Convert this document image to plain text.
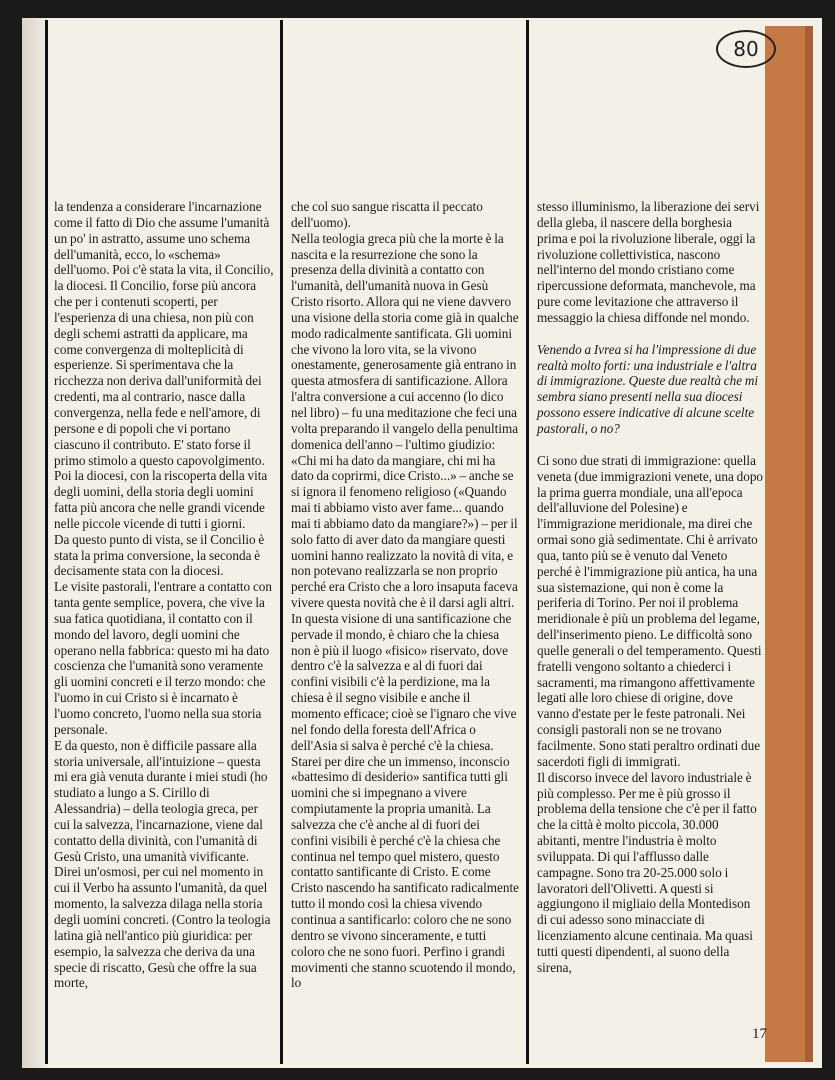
80

la tendenza a considerare l'incarnazione come il fatto di Dio che assume l'umanità un po' in astratto, assume uno schema dell'umanità, ecco, lo «schema» dell'uomo. Poi c'è stata la vita, il Concilio, la diocesi. Il Concilio, forse più ancora che per i contenuti scoperti, per l'esperienza di una chiesa, non più con degli schemi astratti da applicare, ma come convergenza di molteplicità di esperienze. Si sperimentava che la ricchezza non deriva dall'uniformità dei credenti, ma al contrario, nasce dalla convergenza, nella fede e nell'amore, di persone e di popoli che vi portano ciascuno il contributo. E' stato forse il primo stimolo a questo capovolgimento.

Poi la diocesi, con la riscoperta della vita degli uomini, della storia degli uomini fatta più ancora che nelle grandi vicende nelle piccole vicende di tutti i giorni.

Da questo punto di vista, se il Concilio è stata la prima conversione, la seconda è decisamente stata con la diocesi.

Le visite pastorali, l'entrare a contatto con tanta gente semplice, povera, che vive la sua fatica quotidiana, il contatto con il mondo del lavoro, degli uomini che operano nella fabbrica: questo mi ha dato coscienza che l'umanità sono veramente gli uomini concreti e il terzo mondo: che l'uomo in cui Cristo si è incarnato è l'uomo concreto, l'uomo nella sua storia personale.

E da questo, non è difficile passare alla storia universale, all'intuizione – questa mi era già venuta durante i miei studi (ho studiato a lungo a S. Cirillo di Alessandria) – della teologia greca, per cui la salvezza, l'incarnazione, viene dal contatto della divinità, con l'umanità di Gesù Cristo, una umanità vivificante. Direi un'osmosi, per cui nel momento in cui il Verbo ha assunto l'umanità, da quel momento, la salvezza dilaga nella storia degli uomini concreti. (Contro la teologia latina già nell'antico più giuridica: per esempio, la salvezza che deriva da una specie di riscatto, Gesù che offre la sua morte,

che col suo sangue riscatta il peccato dell'uomo).

Nella teologia greca più che la morte è la nascita e la resurrezione che sono la presenza della divinità a contatto con l'umanità, dell'umanità nuova in Gesù Cristo risorto. Allora qui ne viene davvero una visione della storia come già in qualche modo radicalmente santificata. Gli uomini che vivono la loro vita, se la vivono onestamente, generosamente già entrano in questa atmosfera di santificazione. Allora l'altra conversione a cui accenno (lo dico nel libro) – fu una meditazione che feci una volta preparando il vangelo della penultima domenica dell'anno – l'ultimo giudizio: «Chi mi ha dato da mangiare, chi mi ha dato da coprirmi, dice Cristo...» – anche se si ignora il fenomeno religioso («Quando mai ti abbiamo visto aver fame... quando mai ti abbiamo dato da mangiare?») – per il solo fatto di aver dato da mangiare questi uomini hanno realizzato la novità di vita, e non potevano realizzarla se non proprio perché era Cristo che a loro insaputa faceva vivere questa novità che è il darsi agli altri. In questa visione di una santificazione che pervade il mondo, è chiaro che la chiesa non è più il luogo «fisico» riservato, dove dentro c'è la salvezza e al di fuori dai confini visibili c'è la perdizione, ma la chiesa è il segno visibile e anche il momento efficace; cioè se l'ignaro che vive nel fondo della foresta dell'Africa o dell'Asia si salva è perché c'è la chiesa. Starei per dire che un immenso, inconscio «battesimo di desiderio» santifica tutti gli uomini che si impegnano a vivere compiutamente la propria umanità. La salvezza che c'è anche al di fuori dei confini visibili è perché c'è la chiesa che continua nel tempo quel mistero, questo contatto santificante di Cristo. E come Cristo nascendo ha santificato radicalmente tutto il mondo così la chiesa vivendo continua a santificarlo: coloro che ne sono dentro se vivono sinceramente, e tutti coloro che ne sono fuori. Perfino i grandi movimenti che stanno scuotendo il mondo, lo

stesso illuminismo, la liberazione dei servi della gleba, il nascere della borghesia prima e poi la rivoluzione liberale, oggi la rivoluzione collettivistica, nascono nell'interno del mondo cristiano come ripercussione deformata, manchevole, ma pure come levitazione che attraverso il messaggio la chiesa diffonde nel mondo.

Venendo a Ivrea si ha l'impressione di due realtà molto forti: una industriale e l'altra di immigrazione. Queste due realtà che mi sembra siano presenti nella sua diocesi possono essere indicative di alcune scelte pastorali, o no?

Ci sono due strati di immigrazione: quella veneta (due immigrazioni venete, una dopo la prima guerra mondiale, una all'epoca dell'alluvione del Polesine) e l'immigrazione meridionale, ma direi che ormai sono già sedimentate. Chi è arrivato qua, tanto più se è venuto dal Veneto perché è l'immigrazione più antica, ha una sua sistemazione, qui non è come la periferia di Torino. Per noi il problema meridionale è più un problema del legame, dell'inserimento pieno. Le difficoltà sono quelle generali o del temperamento. Questi fratelli vengono soltanto a chiederci i sacramenti, ma rimangono affettivamente legati alle loro chiese di origine, dove vanno d'estate per le feste patronali. Nei consigli pastorali non se ne trovano facilmente. Sono stati peraltro ordinati due sacerdoti figli di immigrati.

Il discorso invece del lavoro industriale è più complesso. Per me è più grosso il problema della tensione che c'è per il fatto che la città è molto piccola, 30.000 abitanti, mentre l'industria è molto sviluppata. Di qui l'afflusso dalle campagne. Sono tra 20-25.000 solo i lavoratori dell'Olivetti. A questi si aggiungono il migliaio della Montedison di cui adesso sono minacciate di licenziamento alcune centinaia. Ma quasi tutti questi dipendenti, al suono della sirena,

17
